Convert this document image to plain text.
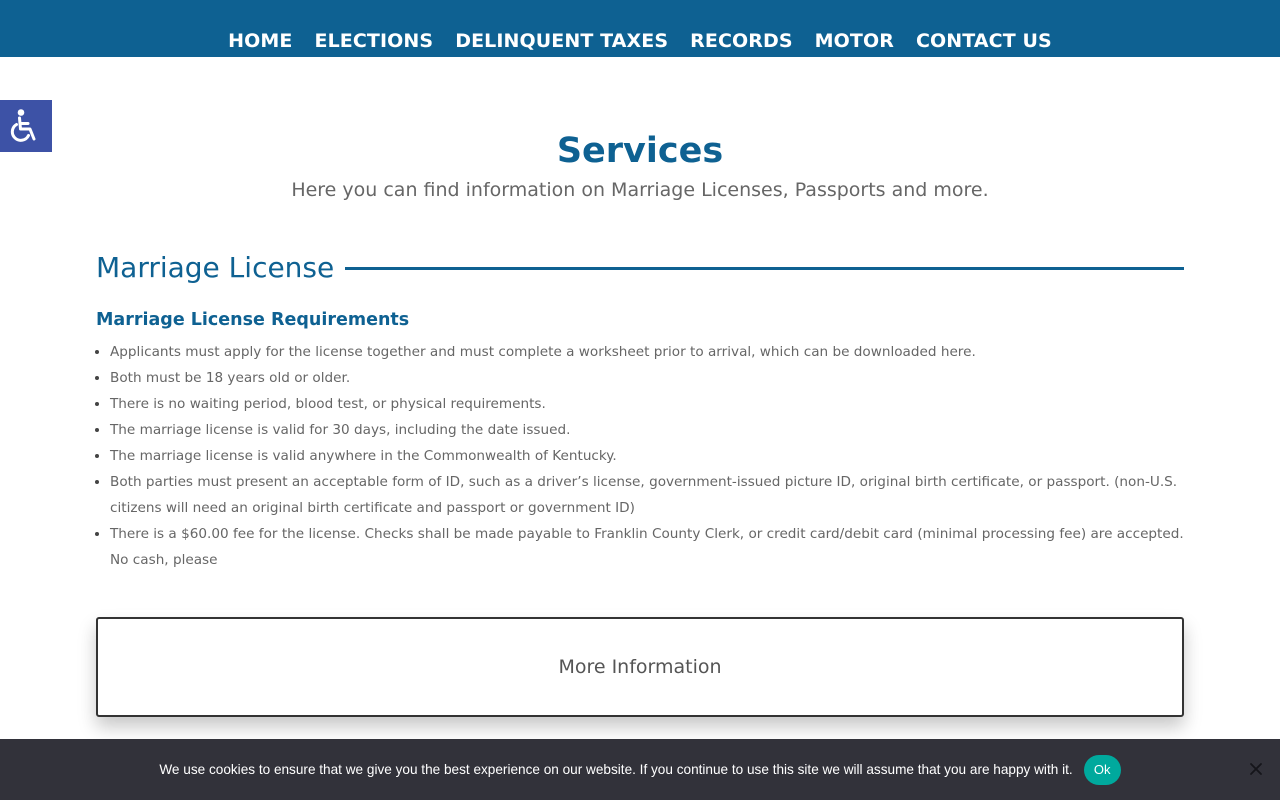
HOME ELECTIONS DELINQUENT TAXES RECORDS MOTOR CONTACT US
Services

Here you can find information on Marriage Licenses, Passports and more.

Marriage License
Marriage License Requirements
• Applicants must apply for the license together and must complete a worksheet prior to arrival, which can be downloaded here.
• Both must be 18 years old or older.
• There is no waiting period, blood test, or physical requirements.
• The marriage license is valid for 30 days, including the date issued.
• The marriage license is valid anywhere in the Commonwealth of Kentucky.
• Both parties must present an acceptable form of ID, such as a driver’s license, government-issued picture ID, original birth certificate, or passport. (non-U.S. citizens will need an original birth certificate and passport or government ID)
• There is a $60.00 fee for the license. Checks shall be made payable to Franklin County Clerk, or credit card/debit card (minimal processing fee) are accepted. No cash, please
More Information
We use cookies to ensure that we give you the best experience on our website. If you continue to use this site we will assume that you are happy with it.	Ok
